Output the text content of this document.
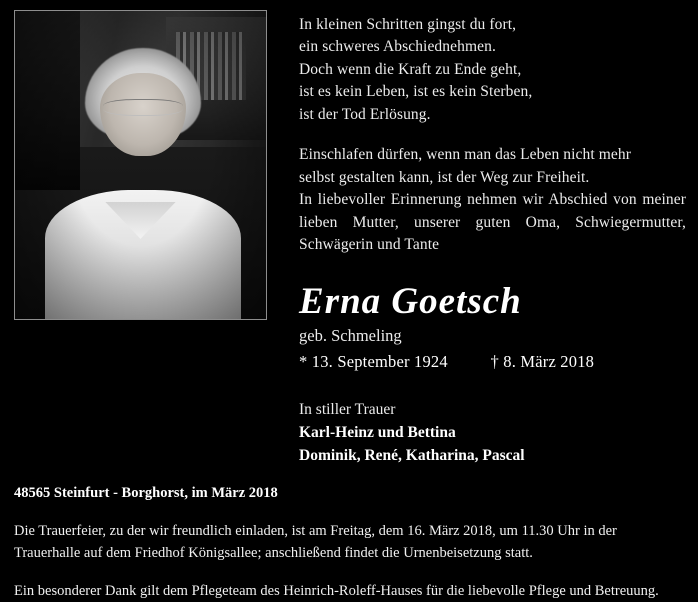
In kleinen Schritten gingst du fort,

ein schweres Abschiednehmen.

Doch wenn die Kraft zu Ende geht,

ist es kein Leben, ist es kein Sterben,

ist der Tod Erlösung.

Einschlafen dürfen, wenn man das Leben nicht mehr
selbst gestalten kann, ist der Weg zur Freiheit.
In liebevoller Erinnerung nehmen wir Abschied von meiner lieben Mutter, unserer guten Oma, Schwiegermutter, Schwägerin und Tante
Erna Goetsch
geb. Schmeling
* 13. September 1924	† 8. März 2018
In stiller Trauer
Karl-Heinz und Bettina
Dominik, René, Katharina, Pascal
48565 Steinfurt - Borghorst, im März 2018
Die Trauerfeier, zu der wir freundlich einladen, ist am Freitag, dem 16. März 2018, um 11.30 Uhr in der Trauerhalle auf dem Friedhof Königsallee; anschließend findet die Urnenbeisetzung statt.
Ein besonderer Dank gilt dem Pflegeteam des Heinrich-Roleff-Hauses für die liebevolle Pflege und Betreuung.
